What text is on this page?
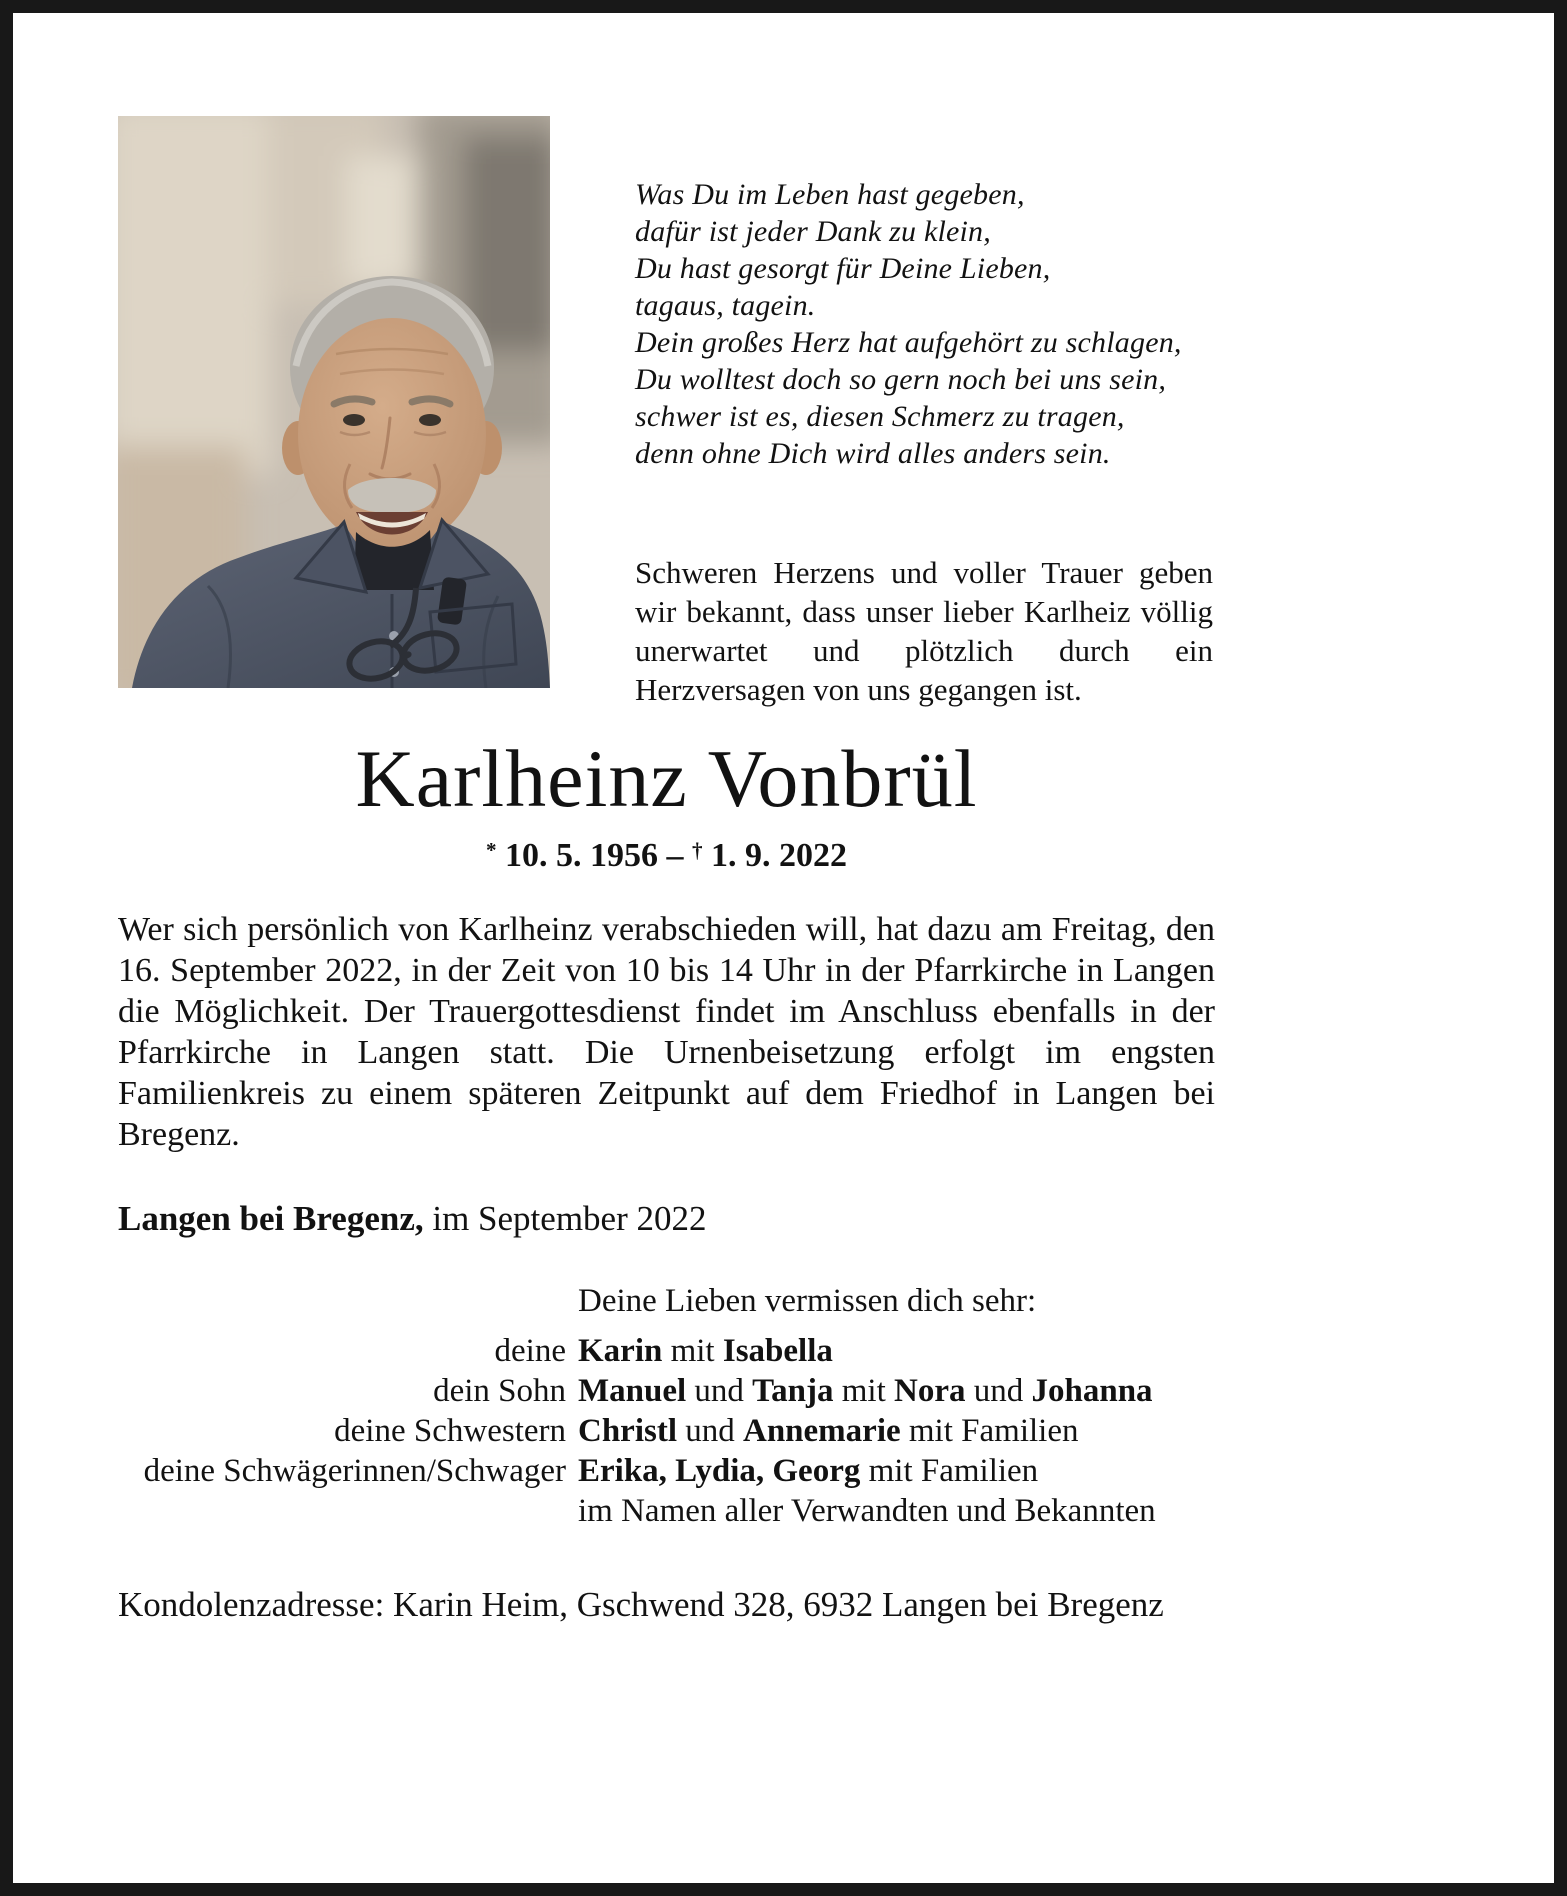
Was Du im Leben hast gegeben,
dafür ist jeder Dank zu klein,
Du hast gesorgt für Deine Lieben,
tagaus, tagein.
Dein großes Herz hat aufgehört zu schlagen,
Du wolltest doch so gern noch bei uns sein,
schwer ist es, diesen Schmerz zu tragen,
denn ohne Dich wird alles anders sein.
Schweren Herzens und voller Trauer geben wir bekannt, dass unser lieber Karlheiz völlig unerwartet und plötzlich durch ein Herzversagen von uns gegangen ist.
Karlheinz Vonbrül
* 10. 5. 1956 – † 1. 9. 2022
Wer sich persönlich von Karlheinz verabschieden will, hat dazu am Freitag, den 16. September 2022, in der Zeit von 10 bis 14 Uhr in der Pfarrkirche in Langen die Möglichkeit. Der Trauergottesdienst findet im Anschluss ebenfalls in der Pfarrkirche in Langen statt. Die Urnenbeisetzung erfolgt im engsten Familienkreis zu einem späteren Zeitpunkt auf dem Friedhof in Langen bei Bregenz.
Langen bei Bregenz, im September 2022
Deine Lieben vermissen dich sehr:
deine Karin mit Isabella
dein Sohn Manuel und Tanja mit Nora und Johanna
deine Schwestern Christl und Annemarie mit Familien
deine Schwägerinnen/Schwager Erika, Lydia, Georg mit Familien
im Namen aller Verwandten und Bekannten
Kondolenzadresse: Karin Heim, Gschwend 328, 6932 Langen bei Bregenz
